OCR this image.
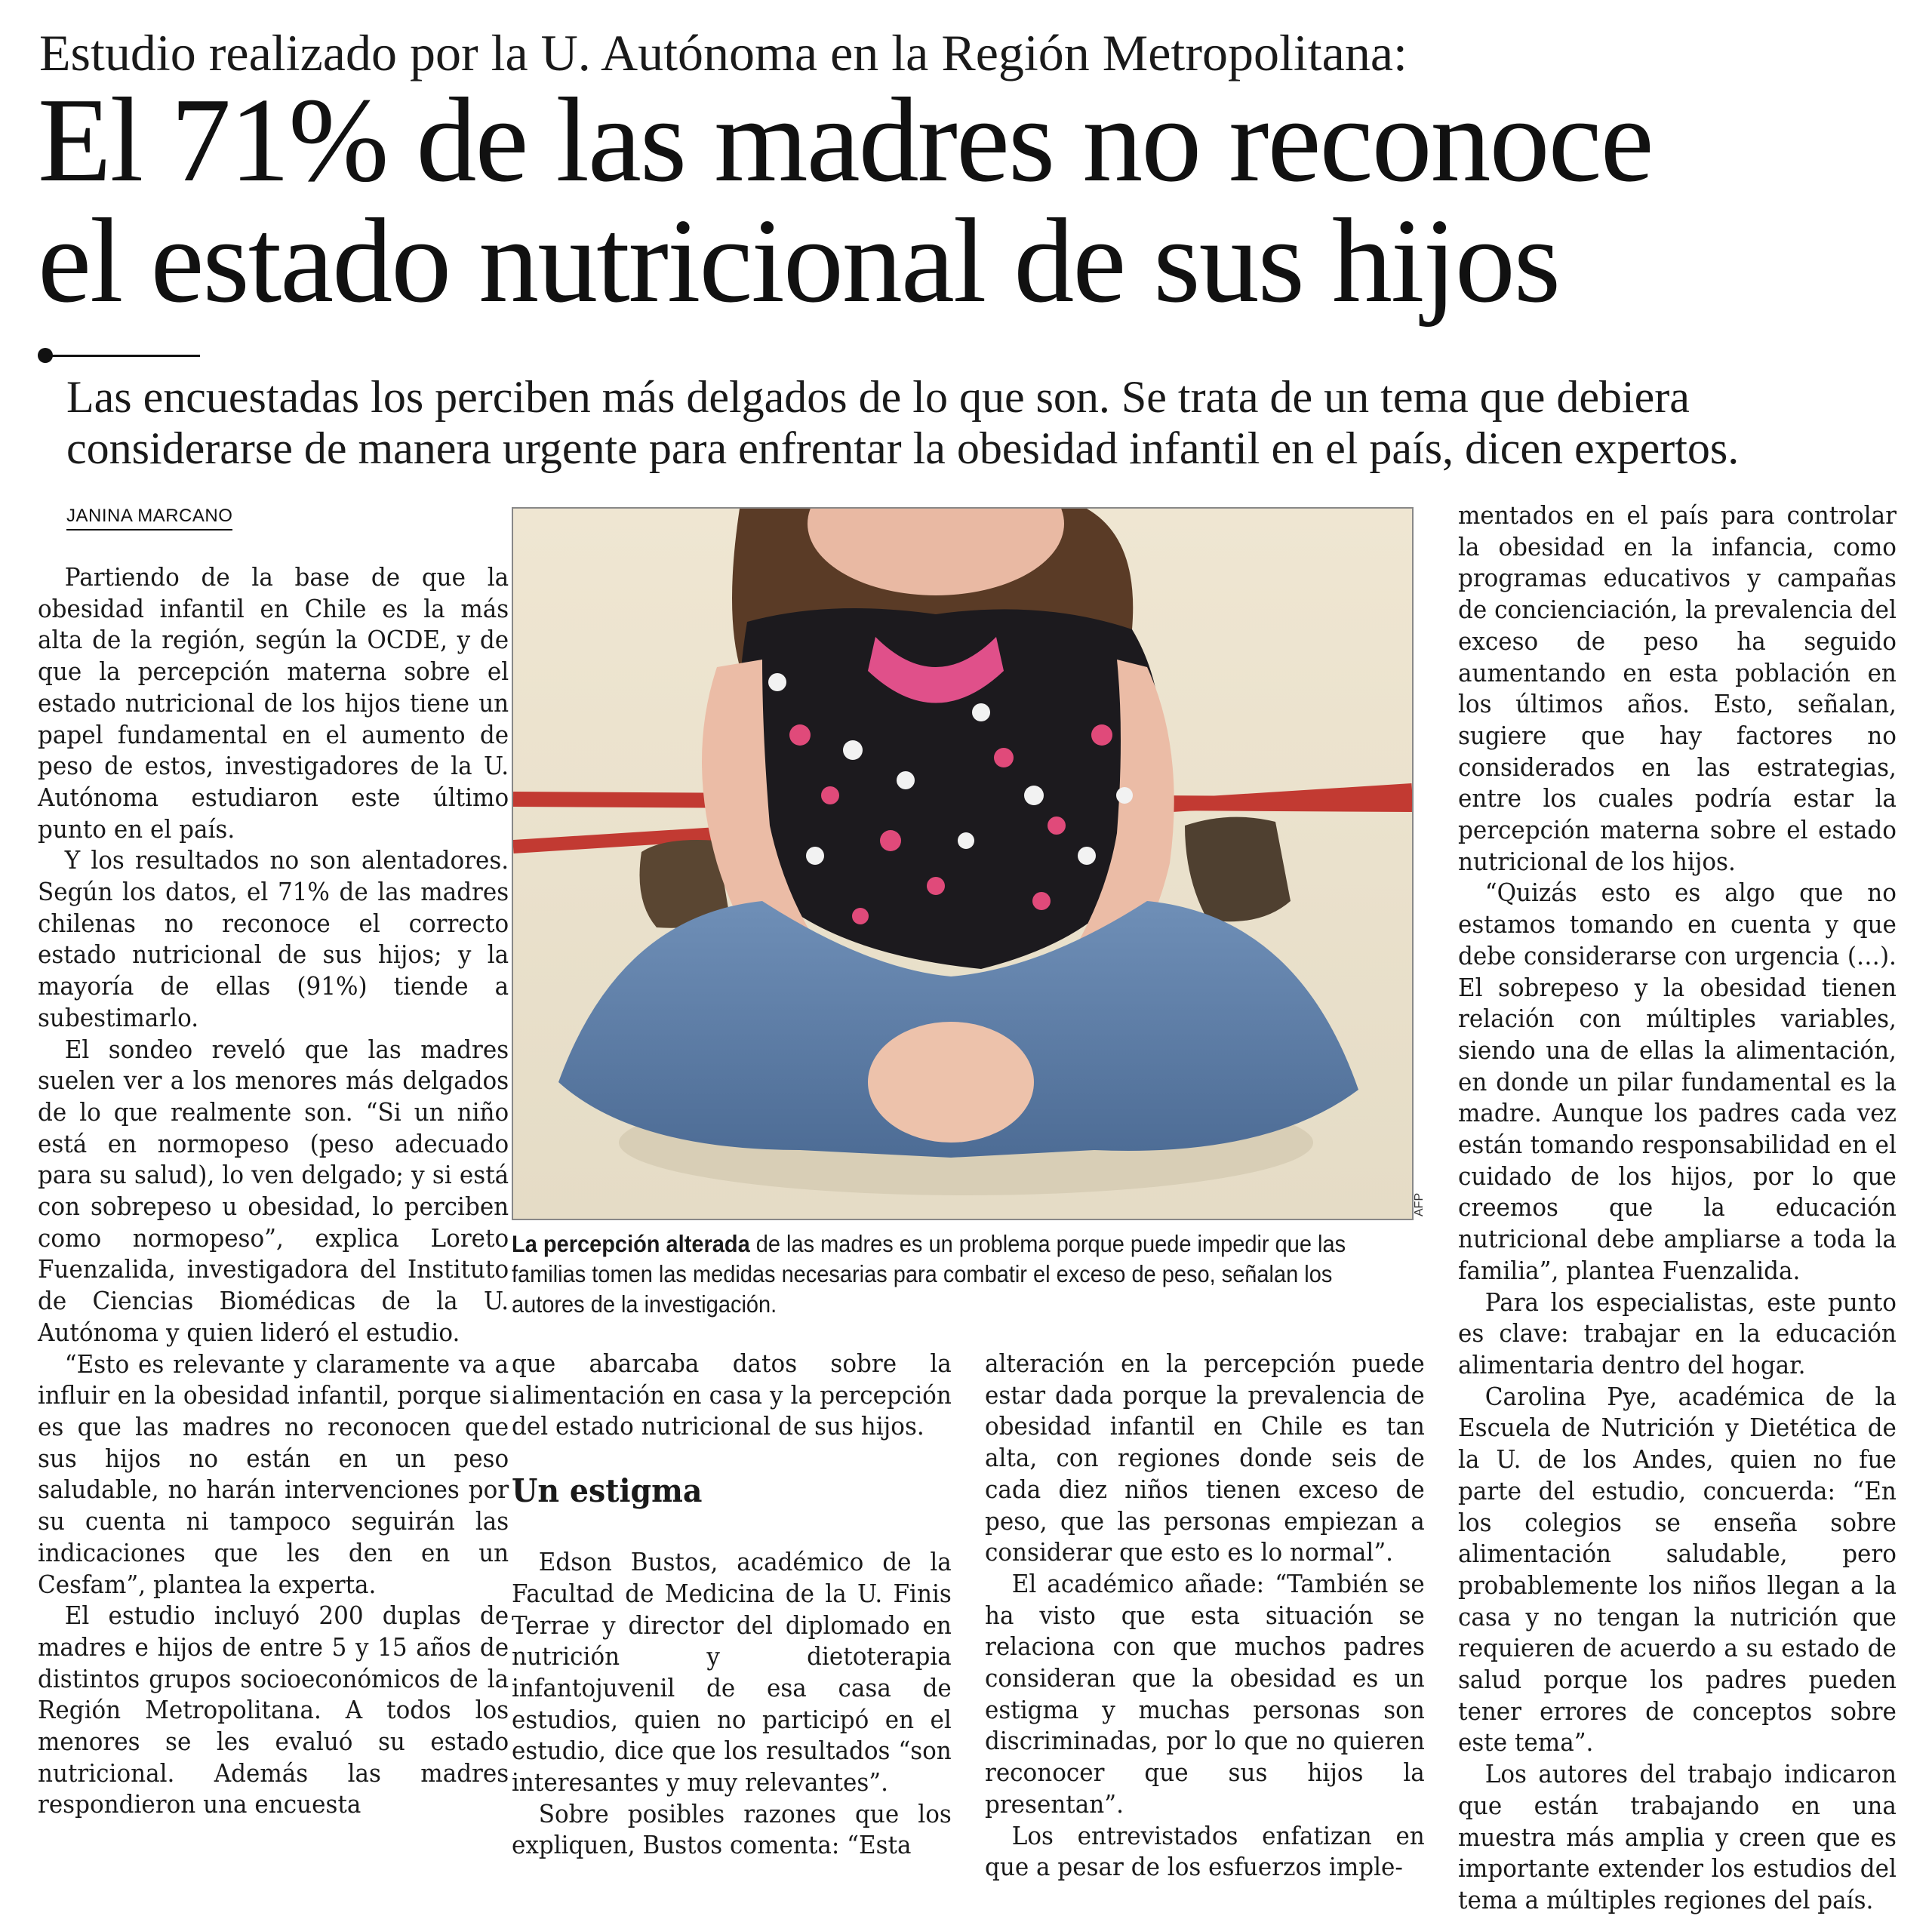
Estudio realizado por la U. Autónoma en la Región Metropolitana:
El 71% de las madres no reconoce
el estado nutricional de sus hijos
Las encuestadas los perciben más delgados de lo que son. Se trata de un tema que debiera
considerarse de manera urgente para enfrentar la obesidad infantil en el país, dicen expertos.
JANINA MARCANO

Partiendo de la base de que la obesidad infantil en Chile es la más alta de la región, según la OCDE, y de que la percepción materna sobre el estado nutricional de los hijos tiene un papel fundamental en el aumento de peso de estos, investigadores de la U. Autónoma estudiaron este último punto en el país.

Y los resultados no son alentadores. Según los datos, el 71% de las madres chilenas no reconoce el correcto estado nutricional de sus hijos; y la mayoría de ellas (91%) tiende a subestimarlo.

El sondeo reveló que las madres suelen ver a los menores más delgados de lo que realmente son. “Si un niño está en normopeso (peso adecuado para su salud), lo ven delgado; y si está con sobrepeso u obesidad, lo perciben como normopeso”, explica Loreto Fuenzalida, investigadora del Instituto de Ciencias Biomédicas de la U. Autónoma y quien lideró el estudio.

“Esto es relevante y claramente va a influir en la obesidad infantil, porque si es que las madres no reconocen que sus hijos no están en un peso saludable, no harán intervenciones por su cuenta ni tampoco seguirán las indicaciones que les den en un Cesfam”, plantea la experta.

El estudio incluyó 200 duplas de madres e hijos de entre 5 y 15 años de distintos grupos socioeconómicos de la Región Metropolitana. A todos los menores se les evaluó su estado nutricional. Además las madres respondieron una encuesta

AFP
La percepción alterada de las madres es un problema porque puede impedir que las familias tomen las medidas necesarias para combatir el exceso de peso, señalan los autores de la investigación.

que abarcaba datos sobre la alimentación en casa y la percepción del estado nutricional de sus hijos.

Un estigma

Edson Bustos, académico de la Facultad de Medicina de la U. Finis Terrae y director del diplomado en nutrición y dietoterapia infantojuvenil de esa casa de estudios, quien no participó en el estudio, dice que los resultados “son interesantes y muy relevantes”.

Sobre posibles razones que los expliquen, Bustos comenta: “Esta

alteración en la percepción puede estar dada porque la prevalencia de obesidad infantil en Chile es tan alta, con regiones donde seis de cada diez niños tienen exceso de peso, que las personas empiezan a considerar que esto es lo normal”.

El académico añade: “También se ha visto que esta situación se relaciona con que muchos padres consideran que la obesidad es un estigma y muchas personas son discriminadas, por lo que no quieren reconocer que sus hijos la presentan”.

Los entrevistados enfatizan en que a pesar de los esfuerzos imple-

mentados en el país para controlar la obesidad en la infancia, como programas educativos y campañas de concienciación, la prevalencia del exceso de peso ha seguido aumentando en esta población en los últimos años. Esto, señalan, sugiere que hay factores no considerados en las estrategias, entre los cuales podría estar la percepción materna sobre el estado nutricional de los hijos.

“Quizás esto es algo que no estamos tomando en cuenta y que debe considerarse con urgencia (…). El sobrepeso y la obesidad tienen relación con múltiples variables, siendo una de ellas la alimentación, en donde un pilar fundamental es la madre. Aunque los padres cada vez están tomando responsabilidad en el cuidado de los hijos, por lo que creemos que la educación nutricional debe ampliarse a toda la familia”, plantea Fuenzalida.

Para los especialistas, este punto es clave: trabajar en la educación alimentaria dentro del hogar.

Carolina Pye, académica de la Escuela de Nutrición y Dietética de la U. de los Andes, quien no fue parte del estudio, concuerda: “En los colegios se enseña sobre alimentación saludable, pero probablemente los niños llegan a la casa y no tengan la nutrición que requieren de acuerdo a su estado de salud porque los padres pueden tener errores de conceptos sobre este tema”.

Los autores del trabajo indicaron que están trabajando en una muestra más amplia y creen que es importante extender los estudios del tema a múltiples regiones del país.
